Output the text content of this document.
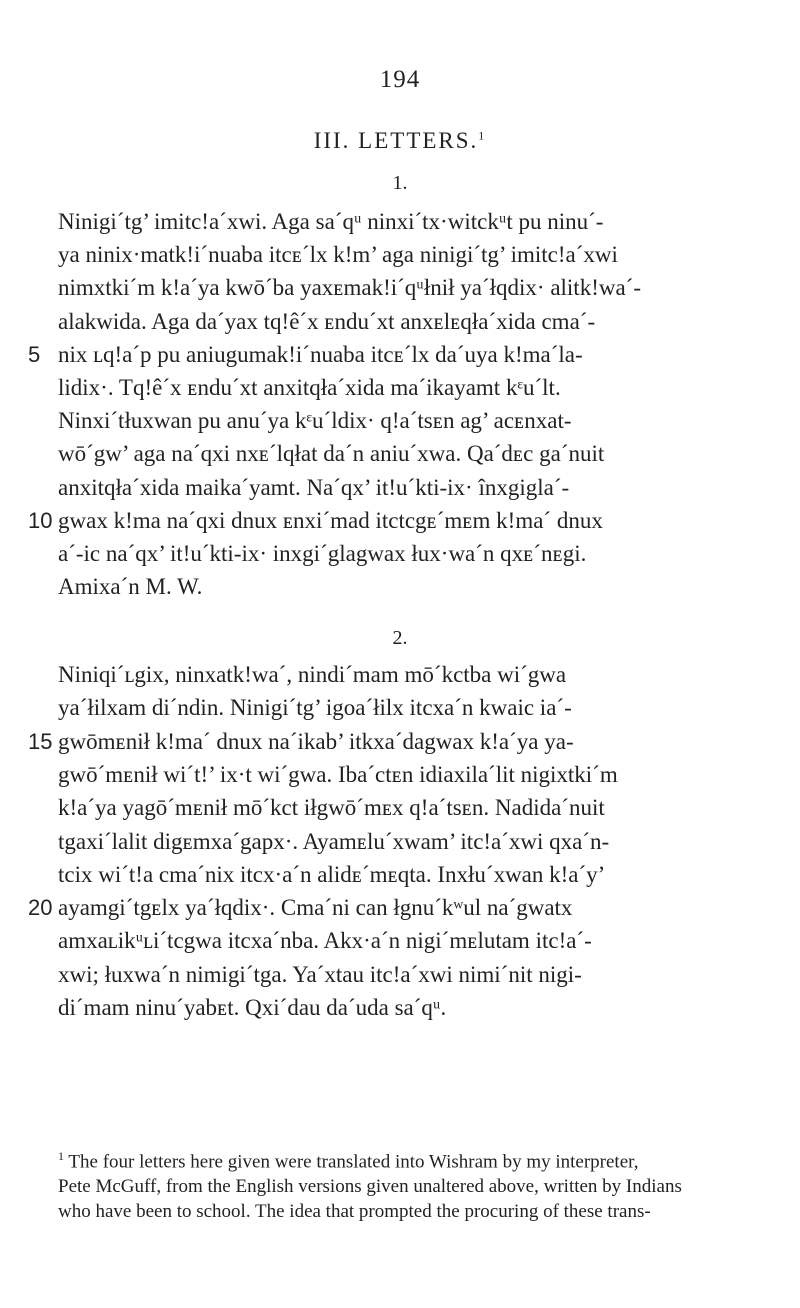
194
III. LETTERS.$^1$
1.
Ninigi´tg’ imitc!a´xwi. Aga sa´qᵘ ninxi´tx·witckᵘt pu ninu´-
ya ninix·matk!i´nuaba itcᴇ´lx k!m’ aga ninigi´tg’ imitc!a´xwi
nimxtki´m k!a´ya kwō´ba yaxᴇmak!i´qᵘłnił ya´łqdix· alitk!wa´-
alakwida. Aga da´yax tq!ê´x ᴇndu´xt anxᴇlᴇqła´xida cma´-
5 nix ʟq!a´p pu aniugumak!i´nuaba itcᴇ´lx da´uya k!ma´la-
lidix·. Tq!ê´x ᴇndu´xt anxitqła´xida ma´ikayamt kᵋu´lt.
Ninxi´tłuxwan pu anu´ya kᵋu´ldix· q!a´tsᴇn ag’ acᴇnxat-
wō´gw’ aga na´qxi nxᴇ´lqłat da´n aniu´xwa. Qa´dᴇc ga´nuit
anxitqła´xida maika´yamt. Na´qx’ it!u´kti-ix· înxgigla´-
10 gwax k!ma na´qxi dnux ᴇnxi´mad itctcgᴇ´mᴇm k!ma´ dnux
a´-ic na´qx’ it!u´kti-ix· inxgi´glagwax łux·wa´n qxᴇ´nᴇgi.
Amixa´n M. W.
2.
Niniqi´ʟgix, ninxatk!wa´, nindi´mam mō´kctba wi´gwa
ya´łilxam di´ndin. Ninigi´tg’ igoa´łilx itcxa´n kwaic ia´-
15 gwōmᴇnił k!ma´ dnux na´ikab’ itkxa´dagwax k!a´ya ya-
gwō´mᴇnił wi´t!’ ix·t wi´gwa. Iba´ctᴇn idiaxila´lit nigixtki´m
k!a´ya yagō´mᴇnił mō´kct iłgwō´mᴇx q!a´tsᴇn. Nadida´nuit
tgaxi´lalit digᴇmxa´gapx·. Ayamᴇlu´xwam’ itc!a´xwi qxa´n-
tcix wi´t!a cma´nix itcx·a´n alidᴇ´mᴇqta. Inxłu´xwan k!a´y’
20 ayamgi´tgᴇlx ya´łqdix·. Cma´ni can łgnu´kʷul na´gwatx
amxaʟikᵘʟi´tcgwa itcxa´nba. Akx·a´n nigi´mᴇlutam itc!a´-
xwi; łuxwa´n nimigi´tga. Ya´xtau itc!a´xwi nimi´nit nigi-
di´mam ninu´yabᴇt. Qxi´dau da´uda sa´qᵘ.
$^1$ The four letters here given were translated into Wishram by my interpreter,
Pete McGuff, from the English versions given unaltered above, written by Indians
who have been to school. The idea that prompted the procuring of these trans-
